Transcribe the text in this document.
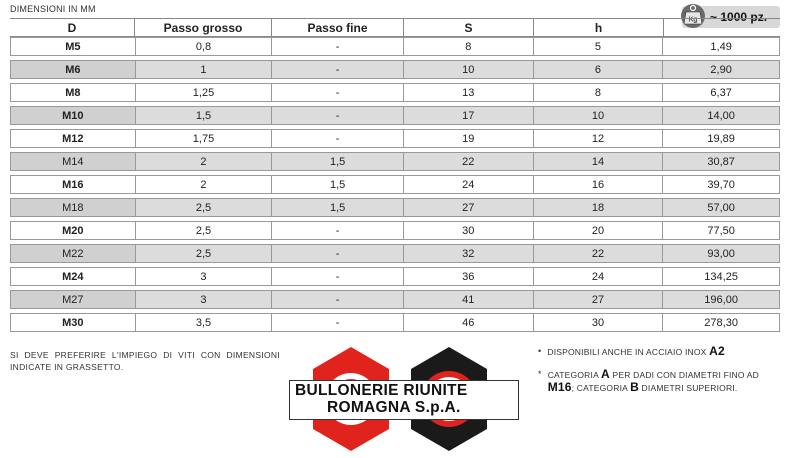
DIMENSIONI IN MM
Kg ~ 1000 pz.
D	Passo grosso	Passo fine	S	h
M5	0,8	-	8	5	1,49
M6	1	-	10	6	2,90
M8	1,25	-	13	8	6,37
M10	1,5	-	17	10	14,00
M12	1,75	-	19	12	19,89
M14	2	1,5	22	14	30,87
M16	2	1,5	24	16	39,70
M18	2,5	1,5	27	18	57,00
M20	2,5	-	30	20	77,50
M22	2,5	-	32	22	93,00
M24	3	-	36	24	134,25
M27	3	-	41	27	196,00
M30	3,5	-	46	30	278,30
SI DEVE PREFERIRE L'IMPIEGO DI VITI CON DIMENSIONI INDICATE IN GRASSETTO.
BULLONERIE RIUNITE
ROMAGNA S.p.A.
• DISPONIBILI ANCHE IN ACCIAIO INOX A2
* CATEGORIA A PER DADI CON DIAMETRI FINO AD M16; CATEGORIA B DIAMETRI SUPERIORI.
